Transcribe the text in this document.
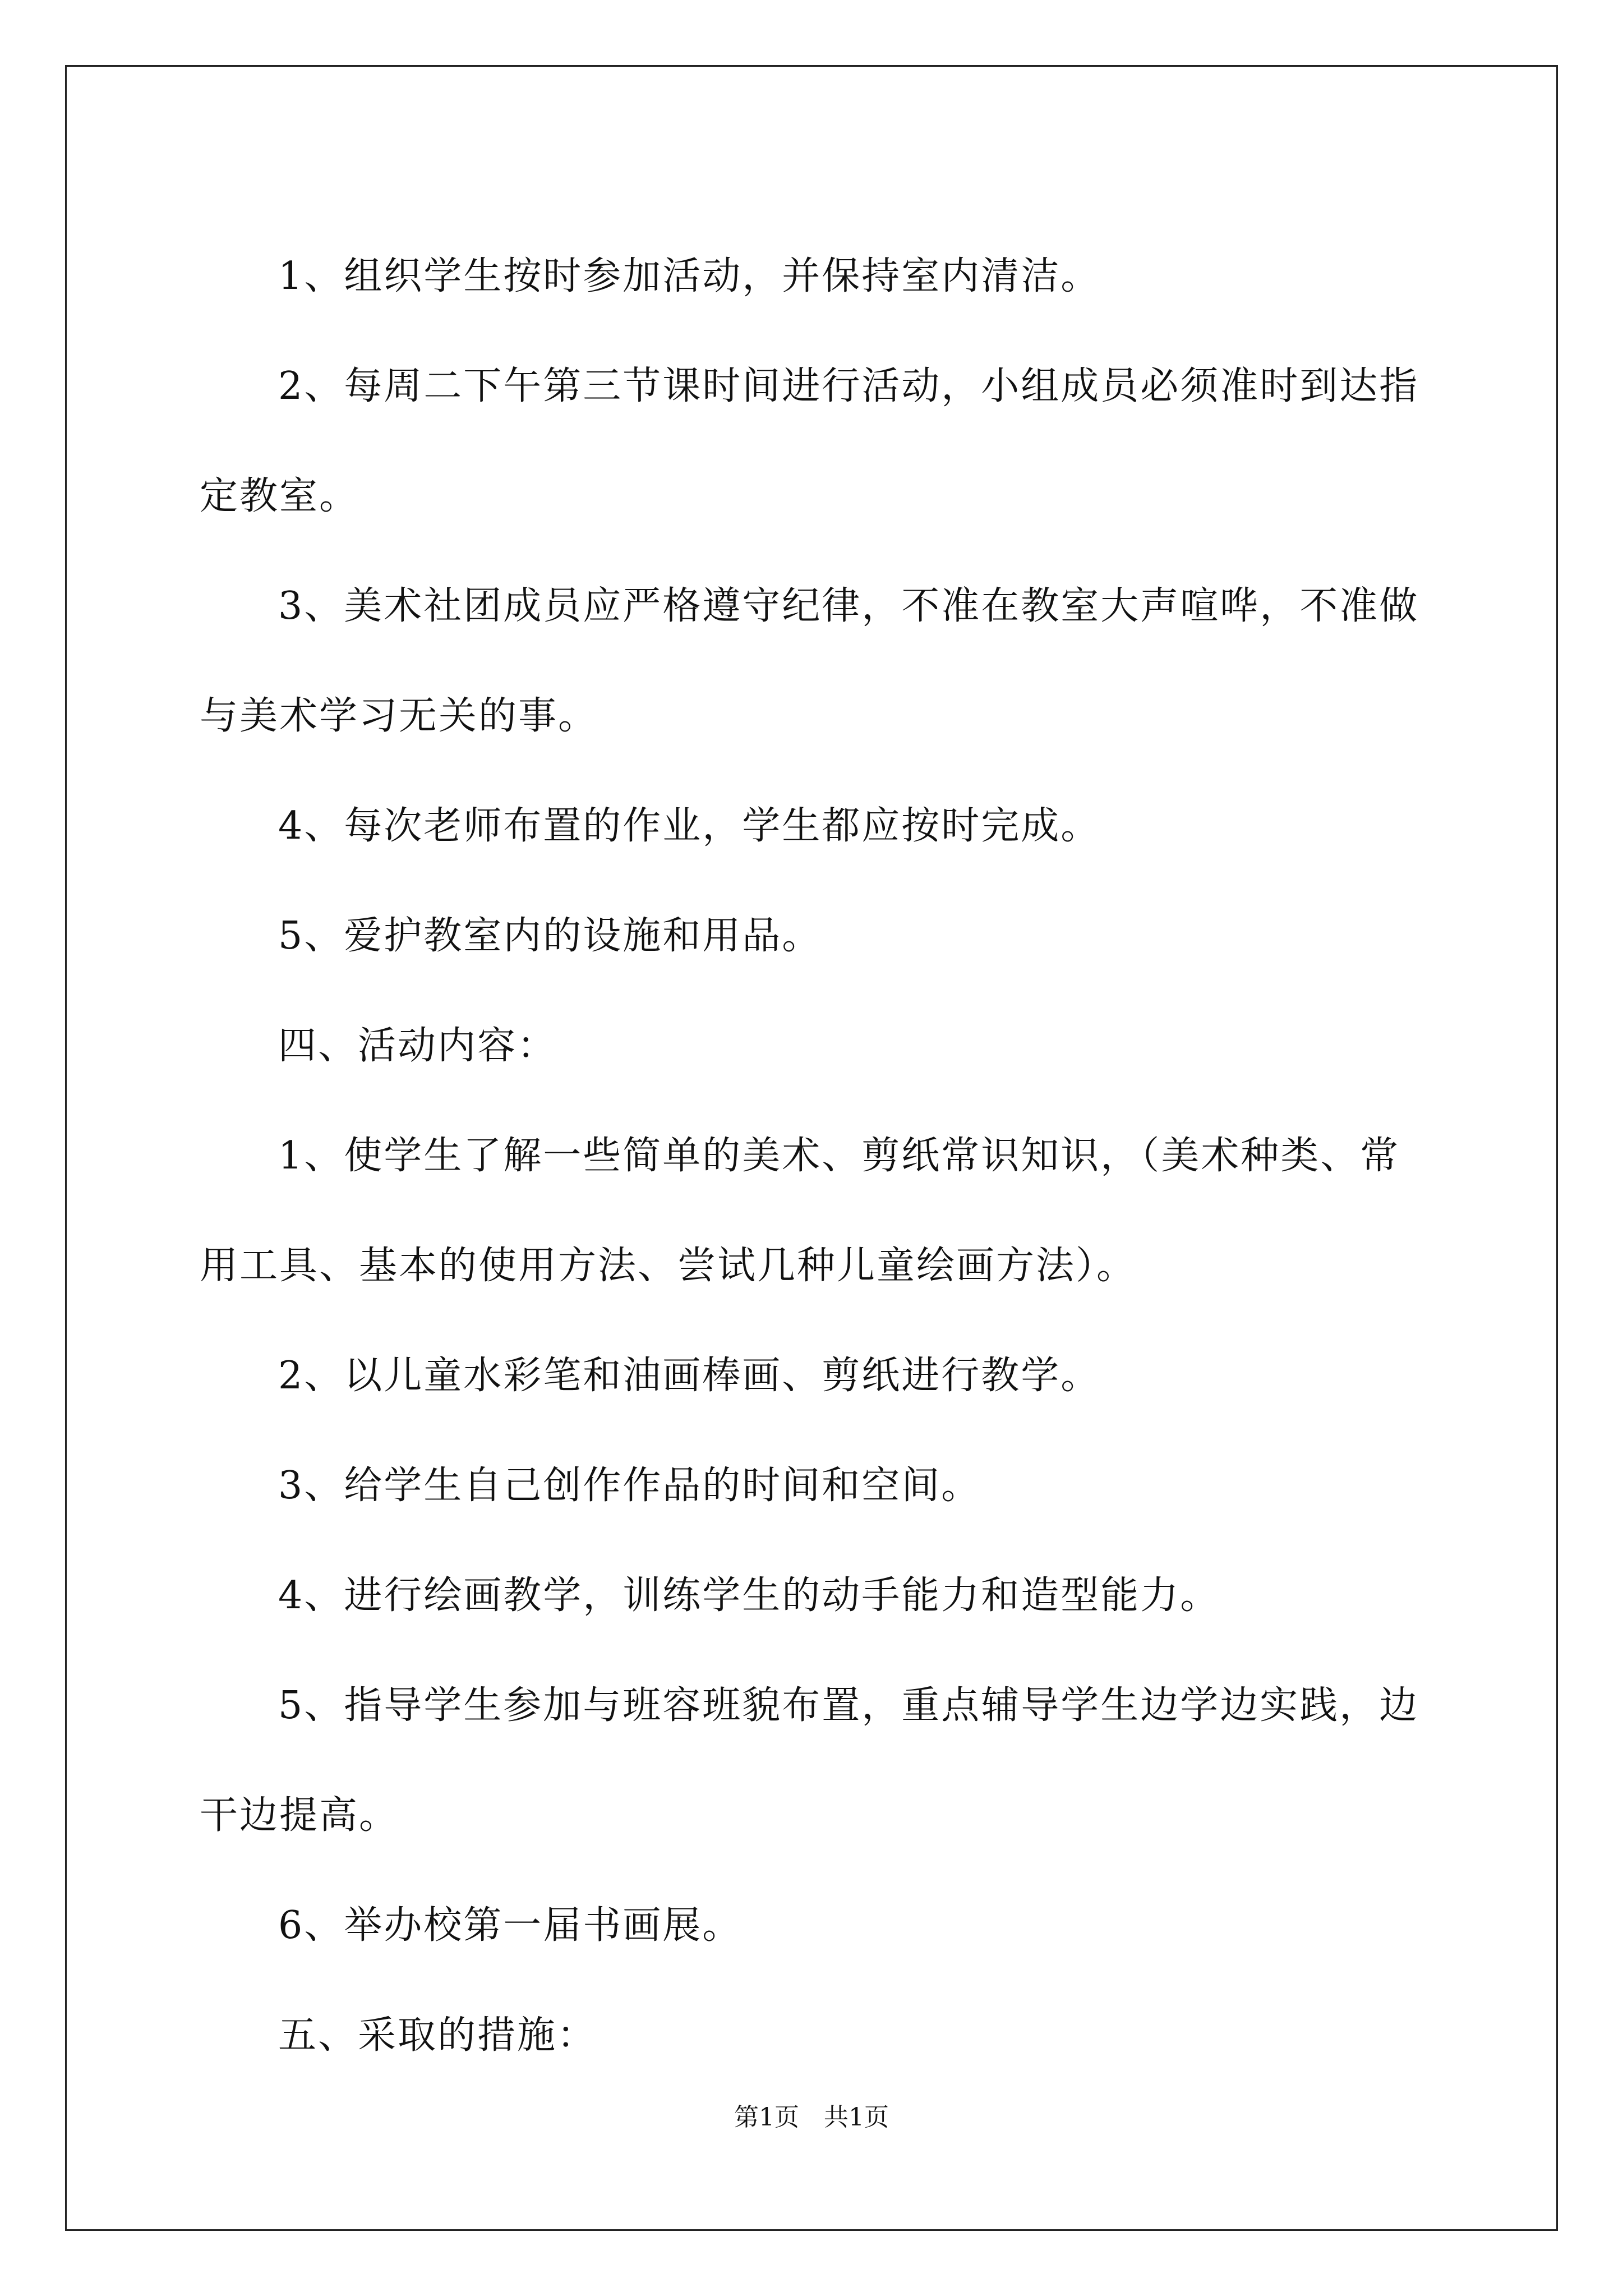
1、组织学生按时参加活动，并保持室内清洁。

2、每周二下午第三节课时间进行活动，小组成员必须准时到达指定教室。

3、美术社团成员应严格遵守纪律，不准在教室大声喧哗，不准做与美术学习无关的事。

4、每次老师布置的作业，学生都应按时完成。

5、爱护教室内的设施和用品。

四、活动内容：

1、使学生了解一些简单的美术、剪纸常识知识，（美术种类、常用工具、基本的使用方法、尝试几种儿童绘画方法）。

2、以儿童水彩笔和油画棒画、剪纸进行教学。

3、给学生自己创作作品的时间和空间。

4、进行绘画教学，训练学生的动手能力和造型能力。

5、指导学生参加与班容班貌布置，重点辅导学生边学边实践，边干边提高。

6、举办校第一届书画展。

五、采取的措施：

第1页　共1页
